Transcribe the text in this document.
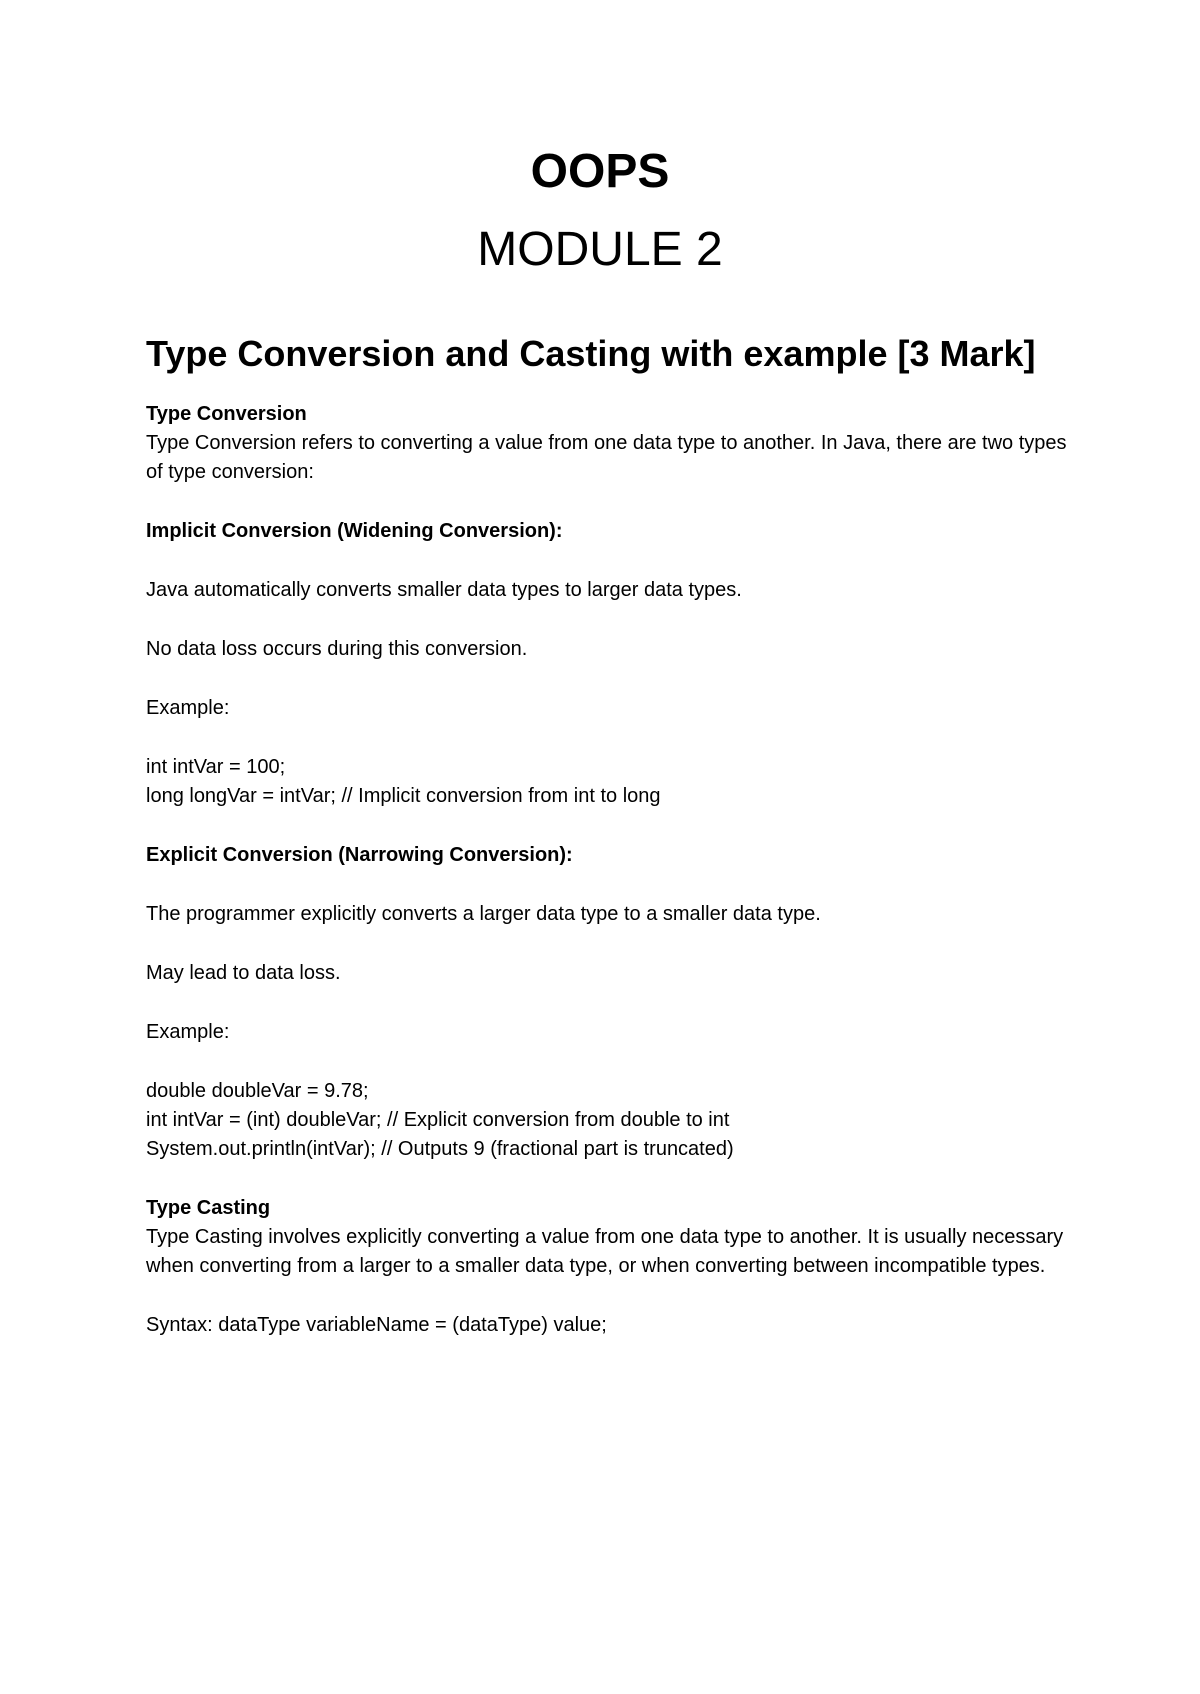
OOPS
MODULE 2
Type Conversion and Casting with example [3 Mark]
Type Conversion

Type Conversion refers to converting a value from one data type to another. In Java, there are two types of type conversion:

Implicit Conversion (Widening Conversion):

Java automatically converts smaller data types to larger data types.

No data loss occurs during this conversion.

Example:

int intVar = 100;

long longVar = intVar; // Implicit conversion from int to long

Explicit Conversion (Narrowing Conversion):

The programmer explicitly converts a larger data type to a smaller data type.

May lead to data loss.

Example:

double doubleVar = 9.78;

int intVar = (int) doubleVar; // Explicit conversion from double to int

System.out.println(intVar); // Outputs 9 (fractional part is truncated)

Type Casting

Type Casting involves explicitly converting a value from one data type to another. It is usually necessary when converting from a larger to a smaller data type, or when converting between incompatible types.

Syntax: dataType variableName = (dataType) value;
